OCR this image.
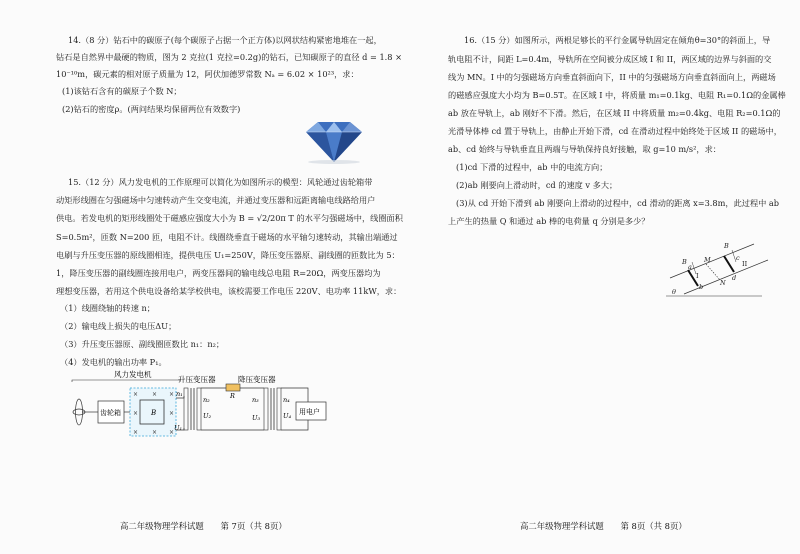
14.（8 分）钻石中的碳原子(每个碳原子占据一个正方体)以网状结构紧密地堆在一起，
钻石是自然界中最硬的物质，图为 2 克拉(1 克拉=0.2g)的钻石，已知碳原子的直径 d = 1.8 ×
10⁻¹⁰m，碳元素的相对原子质量为 12，阿伏加德罗常数 Nₐ = 6.02 × 10²³，求：
(1)该钻石含有的碳原子个数 N；
(2)钻石的密度ρ。(两问结果均保留两位有效数字)
15.（12 分）风力发电机的工作原理可以简化为如图所示的模型：风轮通过齿轮箱带
动矩形线圈在匀强磁场中匀速转动产生交变电流，并通过变压器和远距离输电线路给用户
供电。若发电机的矩形线圈处于磁感应强度大小为 B = √2/20π T 的水平匀强磁场中，线圈面积
S=0.5m²，匝数 N=200 匝，电阻不计。线圈绕垂直于磁场的水平轴匀速转动，其输出端通过
电刷与升压变压器的原线圈相连，提供电压 U₁=250V，降压变压器原、副线圈的匝数比为 5：
1，降压变压器的副线圈连接用电户，两变压器间的输电线总电阻 R=20Ω，两变压器均为
理想变压器，若用这个供电设备给某学校供电，该校需要工作电压 220V、电功率 11kW，求：
（1）线圈绕轴的转速 n；
（2）输电线上损失的电压ΔU；
（3）升压变压器原、副线圈匝数比 n₁：n₂；
（4）发电机的输出功率 P₁。
风力发电机
升压变压器	降压变压器
齿轮箱
× × ×
× × ×
×	×
B
n₁
U₁
n₂
U₂
R	n₃
U₃
n₄
U₄ 用电户
高二年级物理学科试题　　第 7页（共 8页）
16.（15 分）如图所示，两根足够长的平行金属导轨固定在倾角θ=30°的斜面上，导
轨电阻不计，间距 L=0.4m，导轨所在空间被分成区域 I 和 II，两区域的边界与斜面的交
线为 MN。I 中的匀强磁场方向垂直斜面向下，II 中的匀强磁场方向垂直斜面向上，两磁场
的磁感应强度大小均为 B=0.5T。在区域 I 中，将质量 m₁=0.1kg、电阻 R₁=0.1Ω的金属棒
ab 放在导轨上，ab 刚好不下滑。然后，在区域 II 中将质量 m₂=0.4kg、电阻 R₂=0.1Ω的
光滑导体棒 cd 置于导轨上，由静止开始下滑，cd 在滑动过程中始终处于区域 II 的磁场中，
ab、cd 始终与导轨垂直且两端与导轨保持良好接触，取 g=10 m/s²，求：
(1)cd 下滑的过程中，ab 中的电流方向；
(2)ab 刚要向上滑动时，cd 的速度 v 多大；
(3)从 cd 开始下滑到 ab 刚要向上滑动的过程中，cd 滑动的距离 x=3.8m，此过程中 ab
上产生的热量 Q 和通过 ab 棒的电荷量 q 分别是多少？
B
B
M
N
a
b
c
d
I
II
θ
高二年级物理学科试题　　第 8页（共 8页）
